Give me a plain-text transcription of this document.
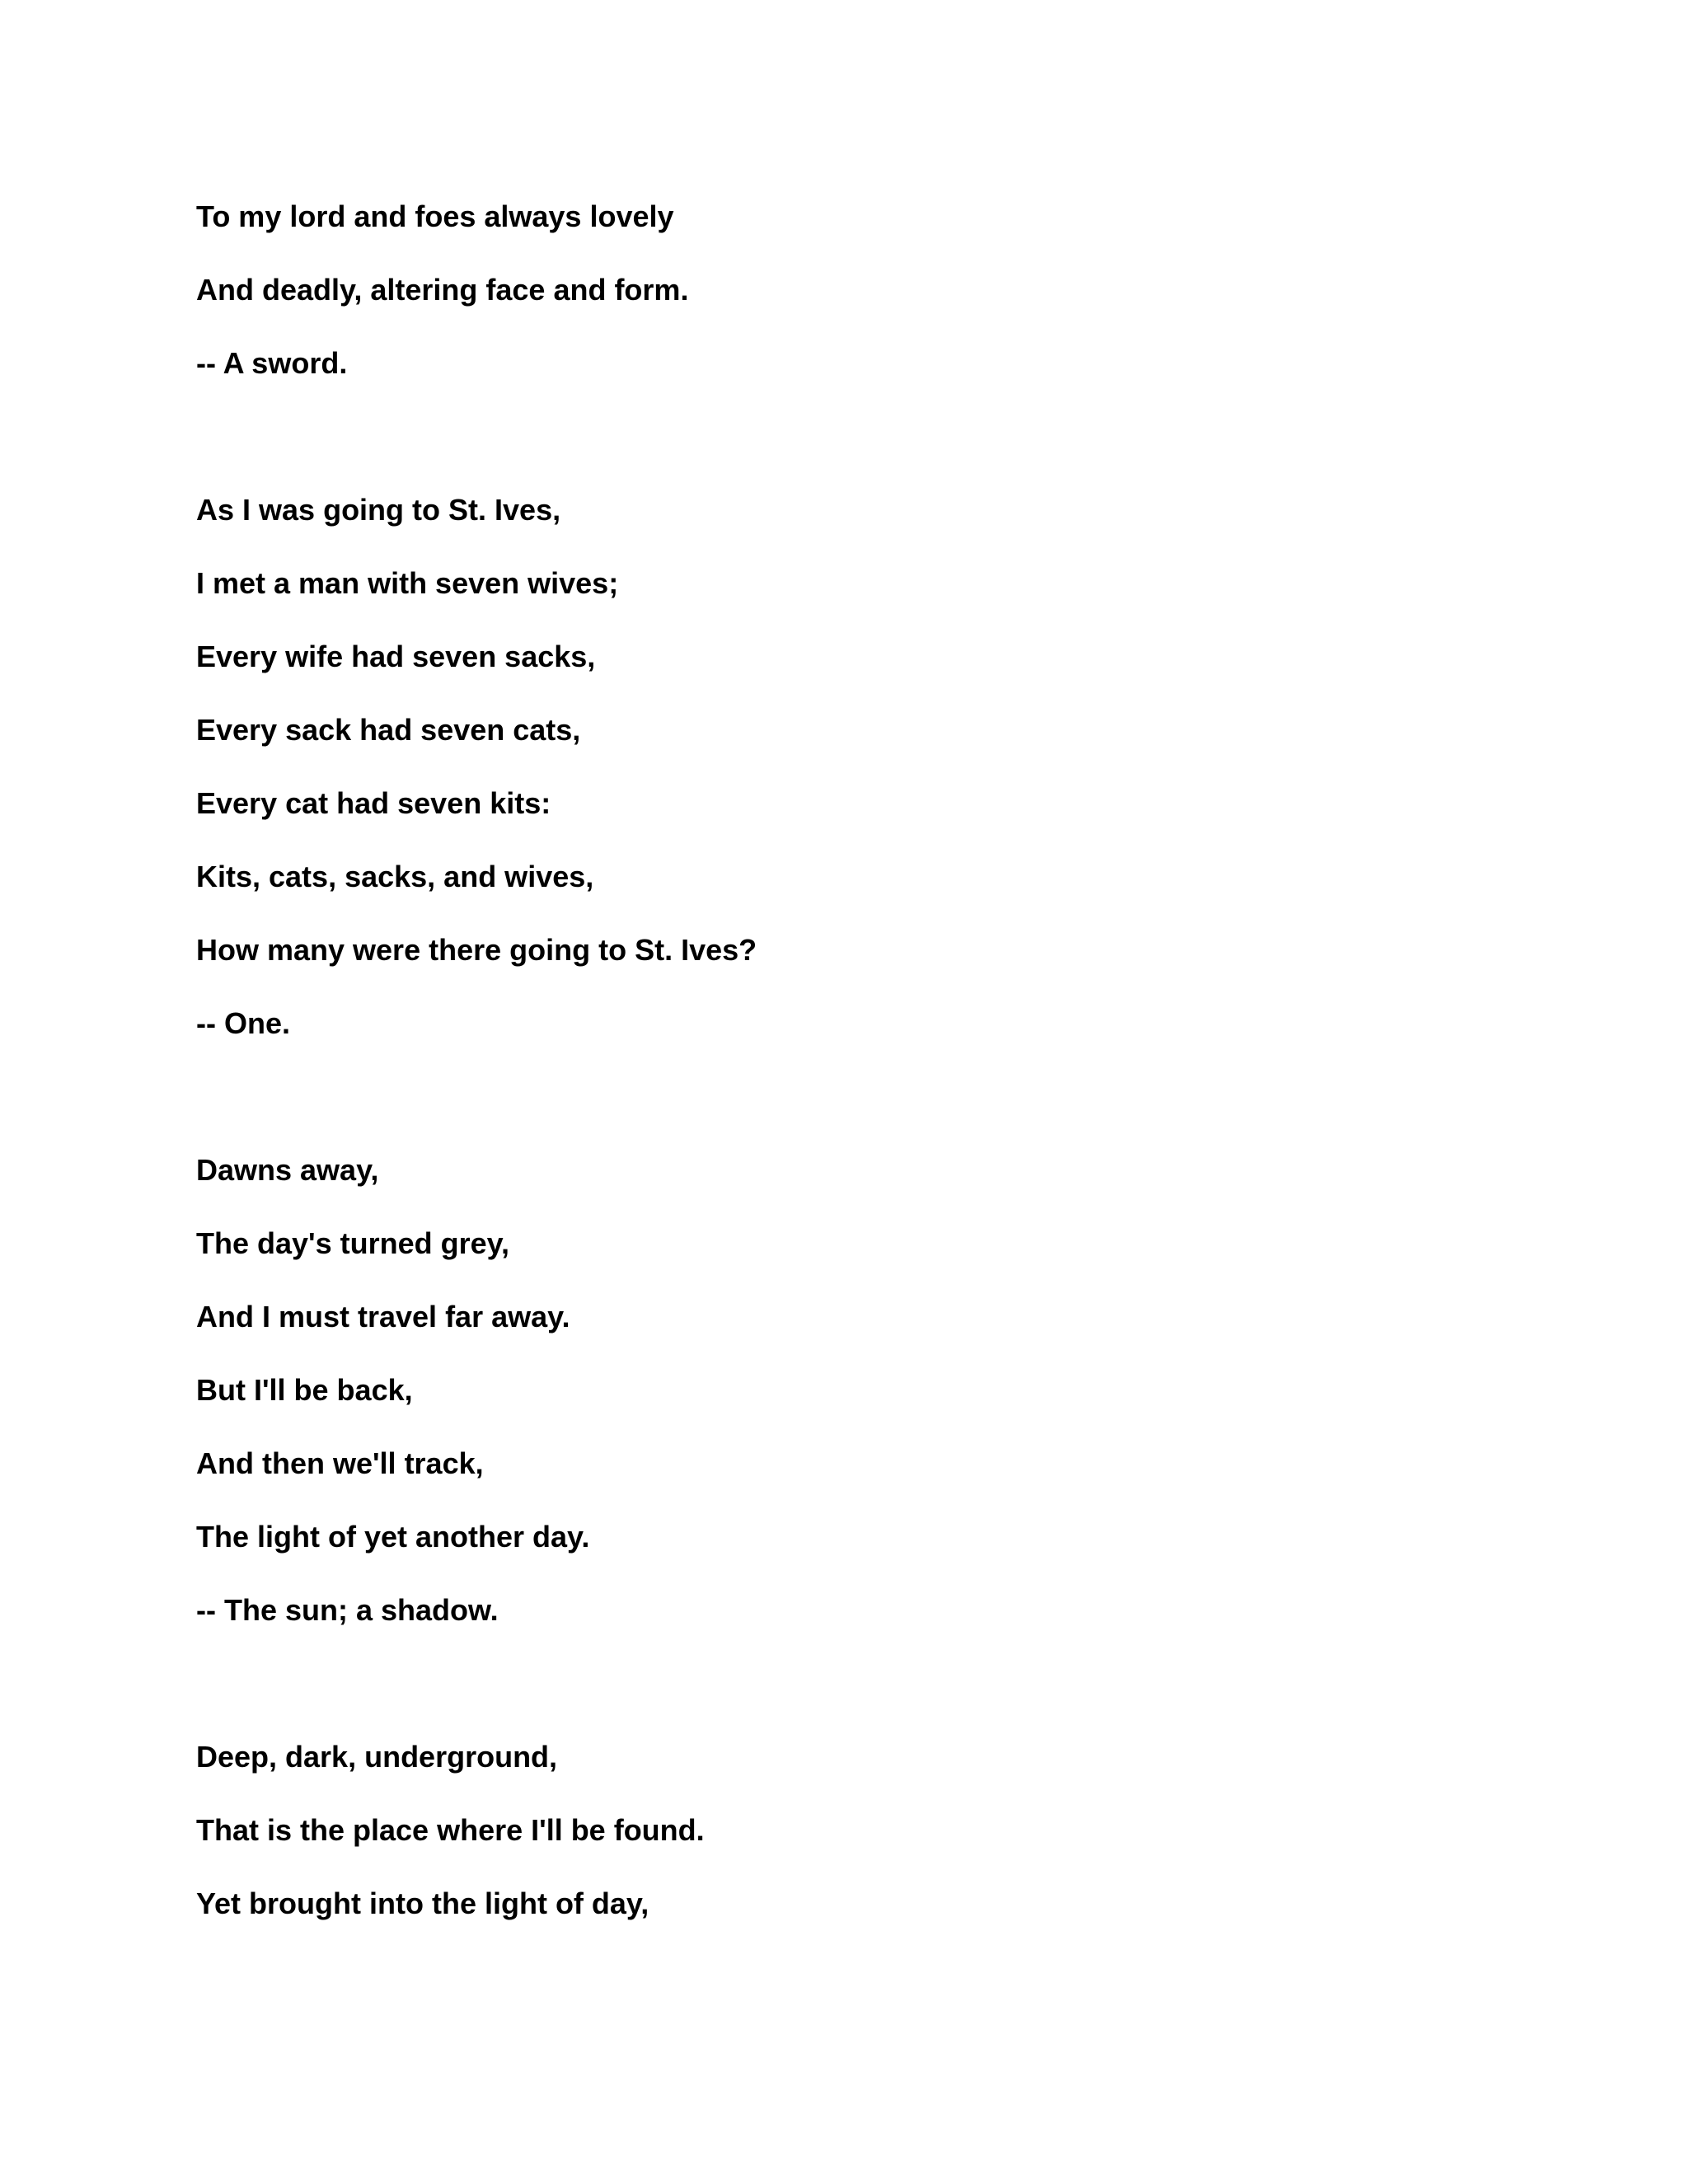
To my lord and foes always lovely

And deadly, altering face and form.

-- A sword.

As I was going to St. Ives,

I met a man with seven wives;

Every wife had seven sacks,

Every sack had seven cats,

Every cat had seven kits:

Kits, cats, sacks, and wives,

How many were there going to St. Ives?

-- One.

Dawns away,

The day's turned grey,

And I must travel far away.

But I'll be back,

And then we'll track,

The light of yet another day.

-- The sun; a shadow.

Deep, dark, underground,

That is the place where I'll be found.

Yet brought into the light of day,
